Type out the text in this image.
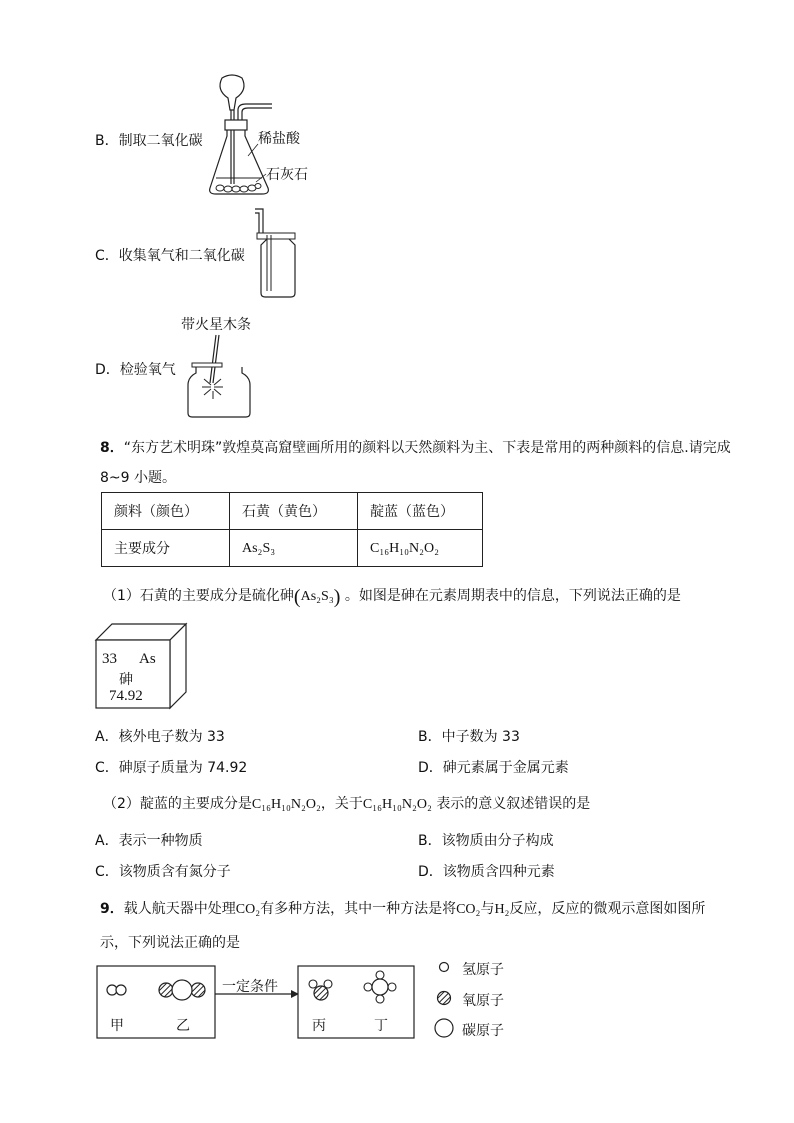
B．制取二氧化碳
C．收集氧气和二氧化碳
D．检验氧气
稀盐酸
石灰石
带火星木条
8．“东方艺术明珠”敦煌莫高窟壁画所用的颜料以天然颜料为主、下表是常用的两种颜料的信息.请完成
8~9 小题。
颜料（颜色）	石黄（黄色）	靛蓝（蓝色）
主要成分	As₂S₃	C₁₆H₁₀N₂O₂
（1）石黄的主要成分是硫化砷(As₂S₃) 。如图是砷在元素周期表中的信息，下列说法正确的是
33 As
砷
74.92
A．核外电子数为 33	B．中子数为 33
C．砷原子质量为 74.92	D．砷元素属于金属元素
（2）靛蓝的主要成分是C₁₆H₁₀N₂O₂，关于C₁₆H₁₀N₂O₂ 表示的意义叙述错误的是
A．表示一种物质	B．该物质由分子构成
C．该物质含有氮分子	D．该物质含四种元素
9．载人航天器中处理CO₂有多种方法，其中一种方法是将CO₂与H₂反应，反应的微观示意图如图所
示，下列说法正确的是
一定条件
甲	乙	丙	丁
氢原子
氧原子
碳原子
